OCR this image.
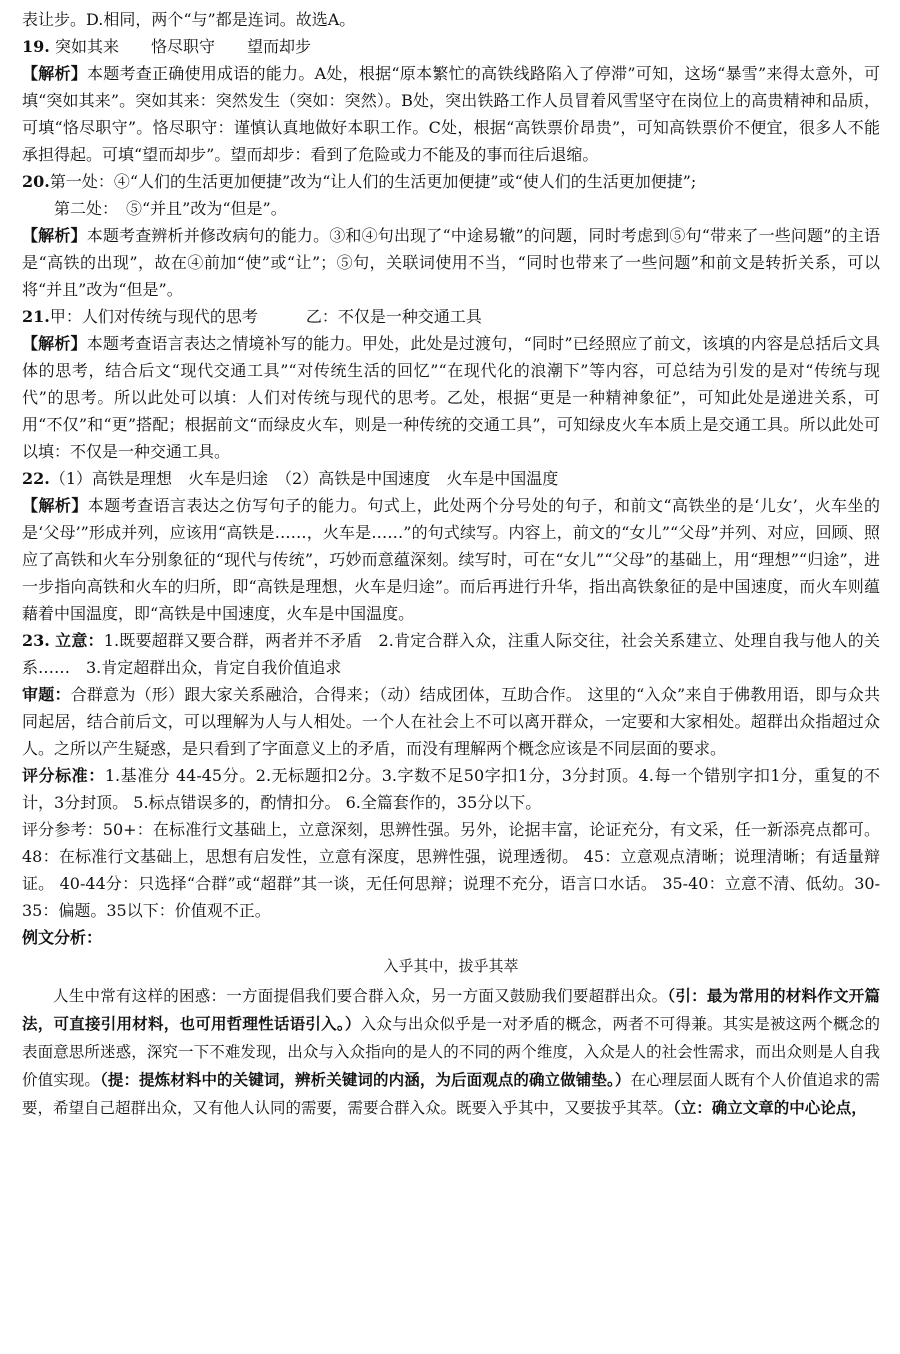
表让步。D.相同，两个“与”都是连词。故选A。

19. 突如其来　　恪尽职守　　望而却步

【解析】本题考查正确使用成语的能力。A处，根据“原本繁忙的高铁线路陷入了停滞”可知，这场“暴雪”来得太意外，可填“突如其来”。突如其来：突然发生（突如：突然）。B处，突出铁路工作人员冒着风雪坚守在岗位上的高贵精神和品质，可填“恪尽职守”。恪尽职守：谨慎认真地做好本职工作。C处，根据“高铁票价昂贵”，可知高铁票价不便宜，很多人不能承担得起。可填“望而却步”。望而却步：看到了危险或力不能及的事而往后退缩。

20.第一处：④“人们的生活更加便捷”改为“让人们的生活更加便捷”或“使人们的生活更加便捷”;

第二处：　⑤“并且”改为“但是”。

【解析】本题考查辨析并修改病句的能力。③和④句出现了“中途易辙”的问题，同时考虑到⑤句“带来了一些问题”的主语是“高铁的出现”，故在④前加“使”或“让”；⑤句，关联词使用不当，“同时也带来了一些问题”和前文是转折关系，可以将“并且”改为“但是”。

21.甲：人们对传统与现代的思考　　　乙：不仅是一种交通工具

【解析】本题考查语言表达之情境补写的能力。甲处，此处是过渡句，“同时”已经照应了前文，该填的内容是总括后文具体的思考，结合后文“现代交通工具”“对传统生活的回忆”“在现代化的浪潮下”等内容，可总结为引发的是对“传统与现代”的思考。所以此处可以填：人们对传统与现代的思考。乙处，根据“更是一种精神象征”，可知此处是递进关系，可用“不仅”和“更”搭配；根据前文“而绿皮火车，则是一种传统的交通工具”，可知绿皮火车本质上是交通工具。所以此处可以填：不仅是一种交通工具。

22.（1）高铁是理想　火车是归途　（2）高铁是中国速度　火车是中国温度

【解析】本题考查语言表达之仿写句子的能力。句式上，此处两个分号处的句子，和前文“高铁坐的是‘儿女’，火车坐的是‘父母’”形成并列，应该用“高铁是……，火车是……”的句式续写。内容上，前文的“女儿”“父母”并列、对应，回顾、照应了高铁和火车分别象征的“现代与传统”，巧妙而意蕴深刻。续写时，可在“女儿”“父母”的基础上，用“理想”“归途”，进一步指向高铁和火车的归所，即“高铁是理想，火车是归途”。而后再进行升华，指出高铁象征的是中国速度，而火车则蕴藉着中国温度，即“高铁是中国速度，火车是中国温度。

23. 立意：1.既要超群又要合群，两者并不矛盾　2.肯定合群入众，注重人际交往，社会关系建立、处理自我与他人的关系……　3.肯定超群出众，肯定自我价值追求

审题：合群意为（形）跟大家关系融洽，合得来；（动）结成团体，互助合作。 这里的“入众”来自于佛教用语，即与众共同起居，结合前后文，可以理解为人与人相处。一个人在社会上不可以离开群众，一定要和大家相处。超群出众指超过众人。之所以产生疑惑，是只看到了字面意义上的矛盾，而没有理解两个概念应该是不同层面的要求。

评分标准：1.基准分 44-45分。2.无标题扣2分。3.字数不足50字扣1分，3分封顶。4.每一个错别字扣1分，重复的不计，3分封顶。 5.标点错误多的，酌情扣分。 6.全篇套作的，35分以下。

评分参考：50+：在标准行文基础上，立意深刻，思辨性强。另外，论据丰富，论证充分，有文采，任一新添亮点都可。 48：在标准行文基础上，思想有启发性，立意有深度，思辨性强，说理透彻。 45：立意观点清晰；说理清晰；有适量辩证。 40-44分：只选择“合群”或“超群”其一谈，无任何思辩；说理不充分，语言口水话。 35-40：立意不清、低幼。30-35：偏题。35以下：价值观不正。

例文分析：

入乎其中，拔乎其萃

人生中常有这样的困惑：一方面提倡我们要合群入众，另一方面又鼓励我们要超群出众。（引：最为常用的材料作文开篇法，可直接引用材料，也可用哲理性话语引入。）入众与出众似乎是一对矛盾的概念，两者不可得兼。其实是被这两个概念的表面意思所迷惑，深究一下不难发现，出众与入众指向的是人的不同的两个维度，入众是人的社会性需求，而出众则是人自我价值实现。（提：提炼材料中的关键词，辨析关键词的内涵，为后面观点的确立做铺垫。）在心理层面人既有个人价值追求的需要，希望自己超群出众，又有他人认同的需要，需要合群入众。既要入乎其中，又要拔乎其萃。（立：确立文章的中心论点，
